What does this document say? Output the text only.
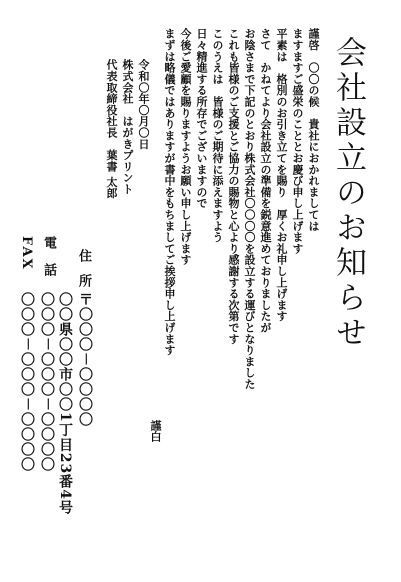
会社設立のお知らせ
謹啓　〇〇の候　貴社におかれましては
ますますご盛栄のこととお慶び申し上げます
平素は　格別のお引き立てを賜り　厚くお礼申し上げます
さて　かねてより会社設立の準備を鋭意進めておりましたが
お陰さまで下記のとおり株式会社〇〇〇〇を設立する運びとなりました
これも皆様のご支援とご協力の賜物と心より感謝する次第です
このうえは　皆様のご期待に添えますよう
日々精進する所存でございますので
今後ご愛顧を賜りますようお願い申し上げます
まずは略儀ではありますが書中をもちましてご挨拶申し上げます
謹白
令和〇年〇月〇日
株式会社　はがきプリント
代表取締役社長　葉書 太郎
住所
〒〇〇〇－〇〇〇〇
〇〇県〇〇市〇〇1丁目23番4号
電話
〇〇〇－〇〇〇－〇〇〇〇
FAX
〇〇〇－〇〇〇－〇〇〇〇
